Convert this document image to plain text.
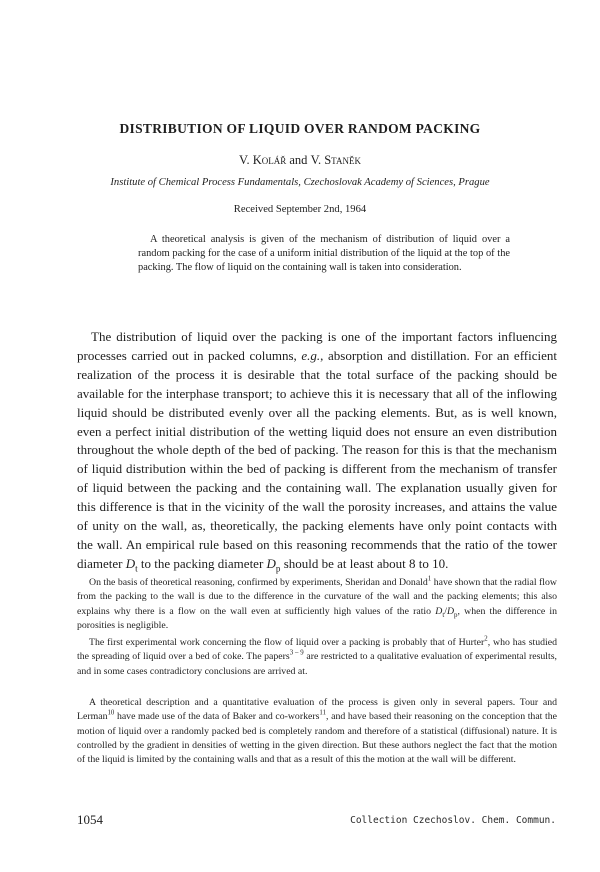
DISTRIBUTION OF LIQUID OVER RANDOM PACKING
V. Kolář and V. Staněk
Institute of Chemical Process Fundamentals, Czechoslovak Academy of Sciences, Prague
Received September 2nd, 1964

A theoretical analysis is given of the mechanism of distribution of liquid over a random packing for the case of a uniform initial distribution of the liquid at the top of the packing. The flow of liquid on the containing wall is taken into consideration.

The distribution of liquid over the packing is one of the important factors influencing processes carried out in packed columns, e.g., absorption and distillation. For an efficient realization of the process it is desirable that the total surface of the packing should be available for the interphase transport; to achieve this it is necessary that all of the inflowing liquid should be distributed evenly over all the packing elements. But, as is well known, even a perfect initial distribution of the wetting liquid does not ensure an even distribution throughout the whole depth of the bed of packing. The reason for this is that the mechanism of liquid distribution within the bed of packing is different from the mechanism of transfer of liquid between the packing and the containing wall. The explanation usually given for this difference is that in the vicinity of the wall the porosity increases, and attains the value of unity on the wall, as, theoretically, the packing elements have only point contacts with the wall. An empirical rule based on this reasoning recommends that the ratio of the tower diameter $D_t$ to the packing diameter $D_p$ should be at least about 8 to 10.

On the basis of theoretical reasoning, confirmed by experiments, Sheridan and Donald$^1$ have shown that the radial flow from the packing to the wall is due to the difference in the curvature of the wall and the packing elements; this also explains why there is a flow on the wall even at sufficiently high values of the ratio $D_t/D_p$, when the difference in porosities is negligible.

The first experimental work concerning the flow of liquid over a packing is probably that of Hurter$^2$, who has studied the spreading of liquid over a bed of coke. The papers$^{3 - 9}$ are restricted to a qualitative evaluation of experimental results, and in some cases contradictory conclusions are arrived at.

A theoretical description and a quantitative evaluation of the process is given only in several papers. Tour and Lerman$^{10}$ have made use of the data of Baker and co-workers$^{11}$, and have based their reasoning on the conception that the motion of liquid over a randomly packed bed is completely random and therefore of a statistical (diffusional) nature. It is controlled by the gradient in densities of wetting in the given direction. But these authors neglect the fact that the motion of the liquid is limited by the containing walls and that as a result of this the motion at the wall will be different.

1054	Collection Czechoslov. Chem. Commun.
